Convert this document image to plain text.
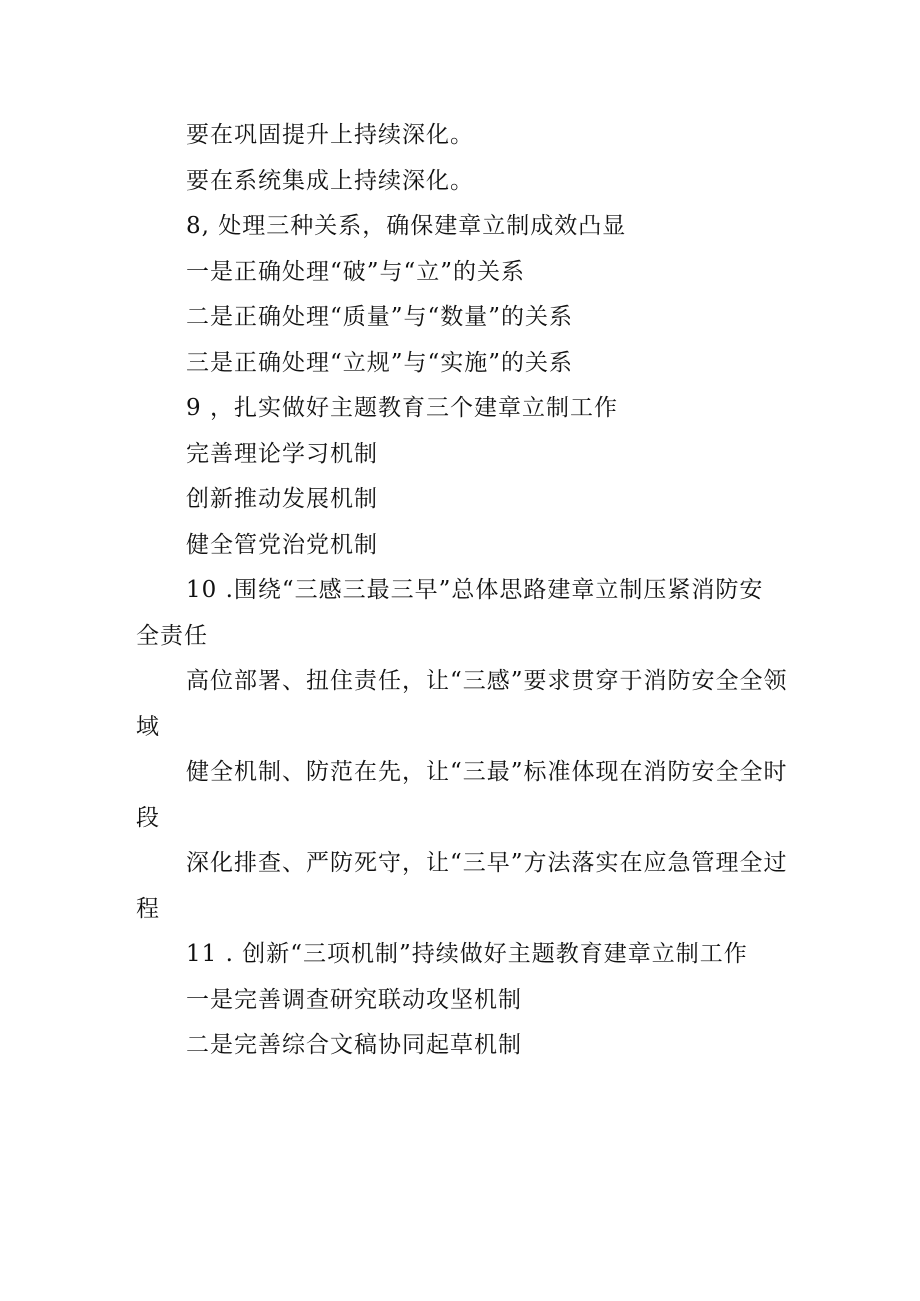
要在巩固提升上持续深化。

要在系统集成上持续深化。

8, 处理三种关系，确保建章立制成效凸显

一是正确处理“破”与“立”的关系

二是正确处理“质量”与“数量”的关系

三是正确处理“立规”与“实施”的关系

9 ，扎实做好主题教育三个建章立制工作

完善理论学习机制

创新推动发展机制

健全管党治党机制

10 .围绕“三感三最三早”总体思路建章立制压紧消防安

全责任

高位部署、扭住责任，让“三感”要求贯穿于消防安全全领

域

健全机制、防范在先，让“三最”标准体现在消防安全全时

段

深化排查、严防死守，让“三早”方法落实在应急管理全过

程

11 . 创新“三项机制”持续做好主题教育建章立制工作

一是完善调查研究联动攻坚机制

二是完善综合文稿协同起草机制
